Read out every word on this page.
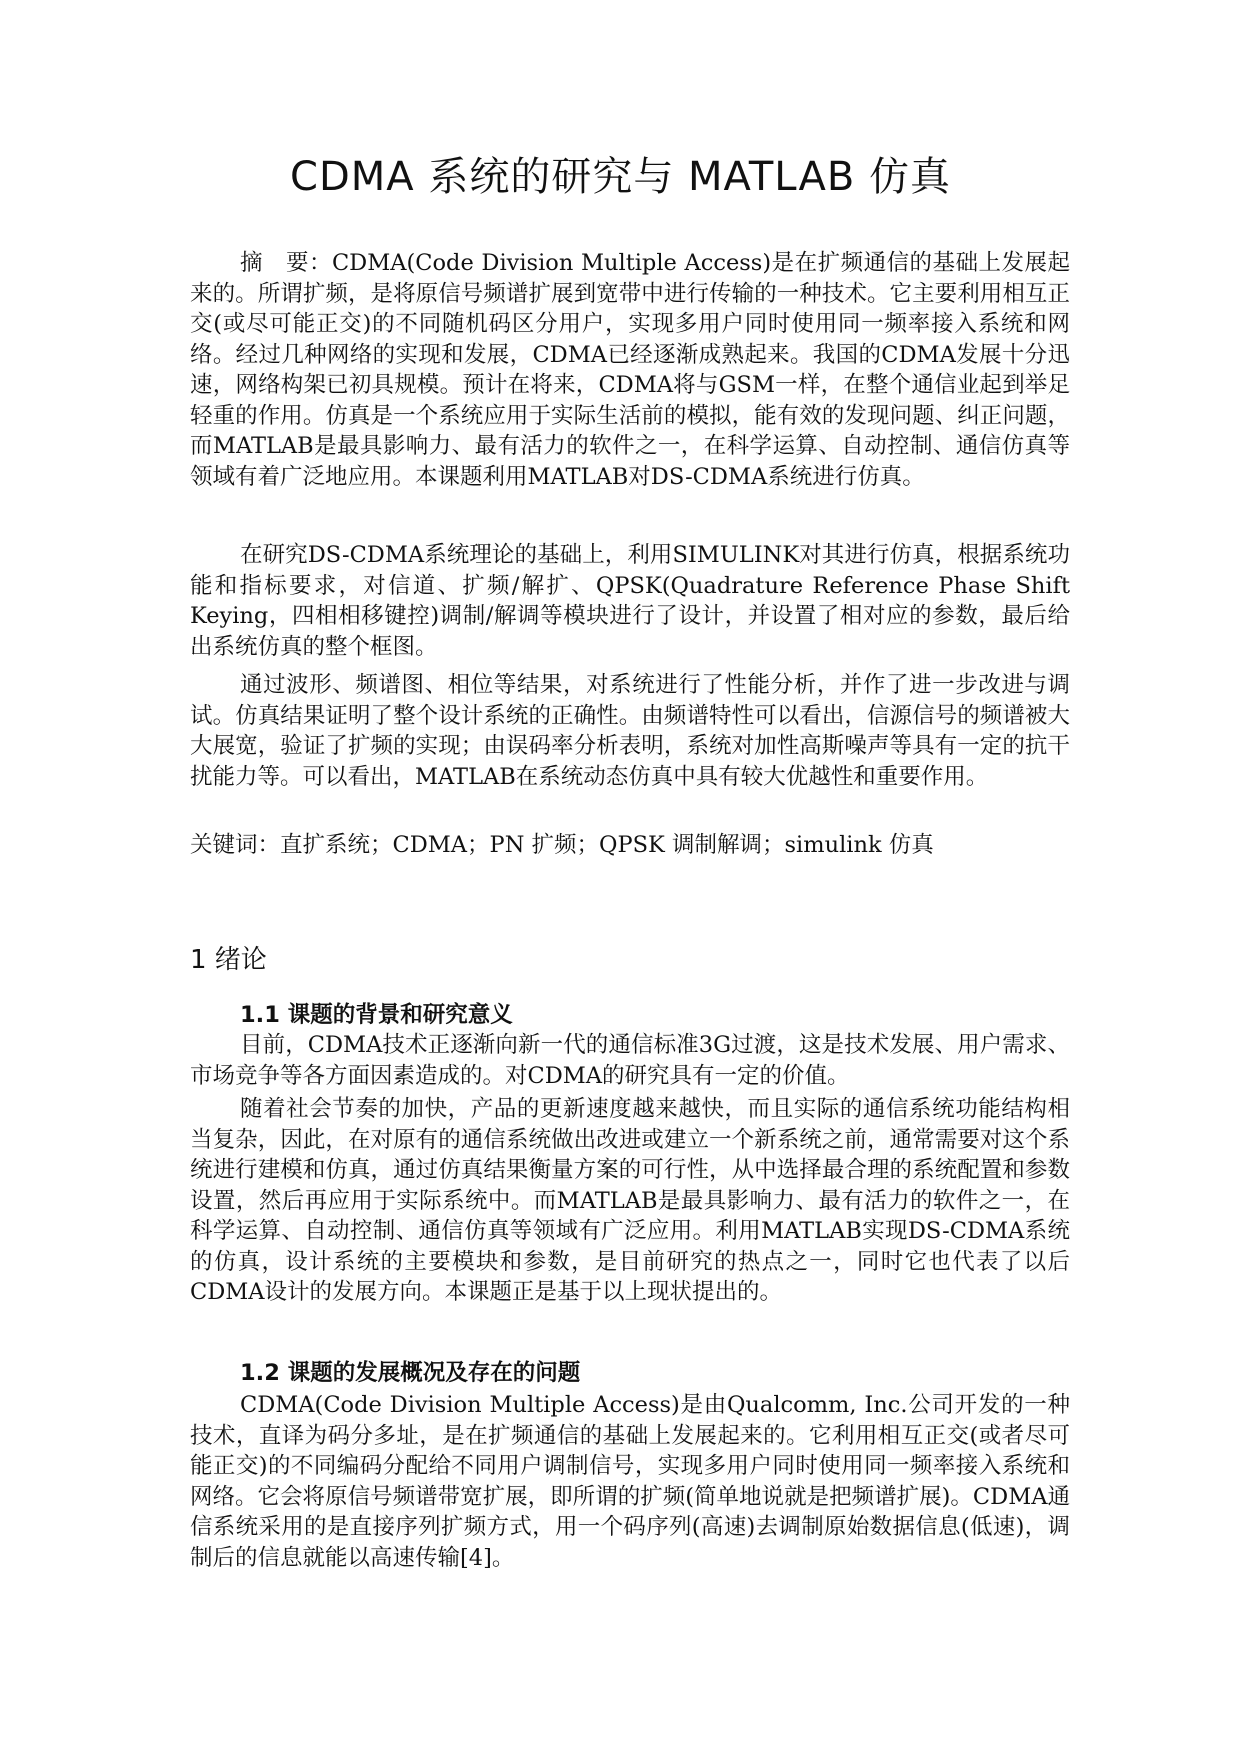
CDMA 系统的研究与 MATLAB 仿真

摘　要：CDMA(Code Division Multiple Access)是在扩频通信的基础上发展起来的。所谓扩频，是将原信号频谱扩展到宽带中进行传输的一种技术。它主要利用相互正交(或尽可能正交)的不同随机码区分用户，实现多用户同时使用同一频率接入系统和网络。经过几种网络的实现和发展，CDMA已经逐渐成熟起来。我国的CDMA发展十分迅速，网络构架已初具规模。预计在将来，CDMA将与GSM一样，在整个通信业起到举足轻重的作用。仿真是一个系统应用于实际生活前的模拟，能有效的发现问题、纠正问题，而MATLAB是最具影响力、最有活力的软件之一，在科学运算、自动控制、通信仿真等领域有着广泛地应用。本课题利用MATLAB对DS-CDMA系统进行仿真。

在研究DS-CDMA系统理论的基础上，利用SIMULINK对其进行仿真，根据系统功能和指标要求，对信道、扩频/解扩、QPSK(Quadrature Reference Phase Shift Keying，四相相移键控)调制/解调等模块进行了设计，并设置了相对应的参数，最后给出系统仿真的整个框图。

通过波形、频谱图、相位等结果，对系统进行了性能分析，并作了进一步改进与调试。仿真结果证明了整个设计系统的正确性。由频谱特性可以看出，信源信号的频谱被大大展宽，验证了扩频的实现；由误码率分析表明，系统对加性高斯噪声等具有一定的抗干扰能力等。可以看出，MATLAB在系统动态仿真中具有较大优越性和重要作用。

关键词：直扩系统；CDMA；PN 扩频；QPSK 调制解调；simulink 仿真

1 绪论
1.1 课题的背景和研究意义

目前，CDMA技术正逐渐向新一代的通信标准3G过渡，这是技术发展、用户需求、市场竞争等各方面因素造成的。对CDMA的研究具有一定的价值。

随着社会节奏的加快，产品的更新速度越来越快，而且实际的通信系统功能结构相当复杂，因此，在对原有的通信系统做出改进或建立一个新系统之前，通常需要对这个系统进行建模和仿真，通过仿真结果衡量方案的可行性，从中选择最合理的系统配置和参数设置，然后再应用于实际系统中。而MATLAB是最具影响力、最有活力的软件之一，在科学运算、自动控制、通信仿真等领域有广泛应用。利用MATLAB实现DS-CDMA系统的仿真，设计系统的主要模块和参数，是目前研究的热点之一，同时它也代表了以后CDMA设计的发展方向。本课题正是基于以上现状提出的。

1.2 课题的发展概况及存在的问题

CDMA(Code Division Multiple Access)是由Qualcomm, Inc.公司开发的一种技术，直译为码分多址，是在扩频通信的基础上发展起来的。它利用相互正交(或者尽可能正交)的不同编码分配给不同用户调制信号，实现多用户同时使用同一频率接入系统和网络。它会将原信号频谱带宽扩展，即所谓的扩频(简单地说就是把频谱扩展)。CDMA通信系统采用的是直接序列扩频方式，用一个码序列(高速)去调制原始数据信息(低速)，调制后的信息就能以高速传输[4]。
